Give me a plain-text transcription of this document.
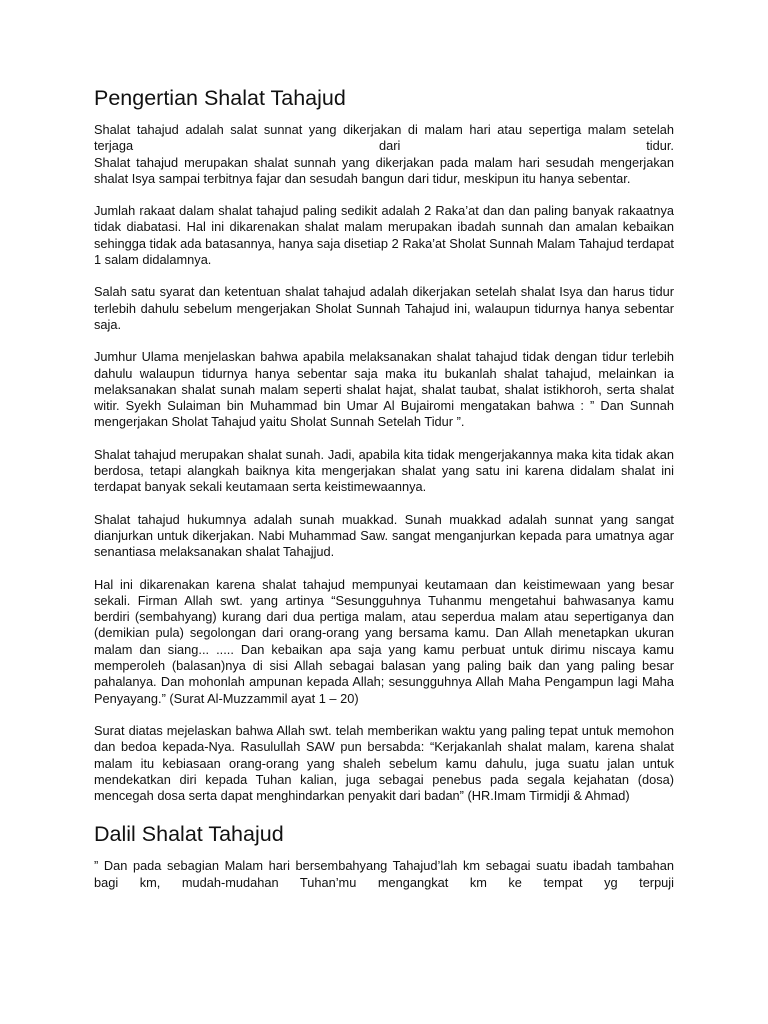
Pengertian Shalat Tahajud

Shalat tahajud adalah salat sunnat yang dikerjakan di malam hari atau sepertiga malam setelah terjaga dari tidur.

Shalat tahajud merupakan shalat sunnah yang dikerjakan pada malam hari sesudah mengerjakan shalat Isya sampai terbitnya fajar dan sesudah bangun dari tidur, meskipun itu hanya sebentar.

Jumlah rakaat dalam shalat tahajud paling sedikit adalah 2 Raka’at dan dan paling banyak rakaatnya tidak diabatasi. Hal ini dikarenakan shalat malam merupakan ibadah sunnah dan amalan kebaikan sehingga tidak ada batasannya, hanya saja disetiap 2 Raka’at Sholat Sunnah Malam Tahajud terdapat 1 salam didalamnya.

Salah satu syarat dan ketentuan shalat tahajud adalah dikerjakan setelah shalat Isya dan harus tidur terlebih dahulu sebelum mengerjakan Sholat Sunnah Tahajud ini, walaupun tidurnya hanya sebentar saja.

Jumhur Ulama menjelaskan bahwa apabila melaksanakan shalat tahajud tidak dengan tidur terlebih dahulu walaupun tidurnya hanya sebentar saja maka itu bukanlah shalat tahajud, melainkan ia melaksanakan shalat sunah malam seperti shalat hajat, shalat taubat, shalat istikhoroh, serta shalat witir. Syekh Sulaiman bin Muhammad bin Umar Al Bujairomi mengatakan bahwa : ” Dan Sunnah mengerjakan Sholat Tahajud yaitu Sholat Sunnah Setelah Tidur ”.

Shalat tahajud merupakan shalat sunah. Jadi, apabila kita tidak mengerjakannya maka kita tidak akan berdosa, tetapi alangkah baiknya kita mengerjakan shalat yang satu ini karena didalam shalat ini terdapat banyak sekali keutamaan serta keistimewaannya.

Shalat tahajud hukumnya adalah sunah muakkad. Sunah muakkad adalah sunnat yang sangat dianjurkan untuk dikerjakan. Nabi Muhammad Saw. sangat menganjurkan kepada para umatnya agar senantiasa melaksanakan shalat Tahajjud.

Hal ini dikarenakan karena shalat tahajud mempunyai keutamaan dan keistimewaan yang besar sekali. Firman Allah swt. yang artinya “Sesungguhnya Tuhanmu mengetahui bahwasanya kamu berdiri (sembahyang) kurang dari dua pertiga malam, atau seperdua malam atau sepertiganya dan (demikian pula) segolongan dari orang-orang yang bersama kamu. Dan Allah menetapkan ukuran malam dan siang... ..... Dan kebaikan apa saja yang kamu perbuat untuk dirimu niscaya kamu memperoleh (balasan)nya di sisi Allah sebagai balasan yang paling baik dan yang paling besar pahalanya. Dan mohonlah ampunan kepada Allah; sesungguhnya Allah Maha Pengampun lagi Maha Penyayang.” (Surat Al-Muzzammil ayat 1 – 20)

Surat diatas mejelaskan bahwa Allah swt. telah memberikan waktu yang paling tepat untuk memohon dan bedoa kepada-Nya. Rasulullah SAW pun bersabda: “Kerjakanlah shalat malam, karena shalat malam itu kebiasaan orang-orang yang shaleh sebelum kamu dahulu, juga suatu jalan untuk mendekatkan diri kepada Tuhan kalian, juga sebagai penebus pada segala kejahatan (dosa) mencegah dosa serta dapat menghindarkan penyakit dari badan” (HR.Imam Tirmidji & Ahmad)

Dalil Shalat Tahajud

” Dan pada sebagian Malam hari bersembahyang Tahajud’lah km sebagai suatu ibadah tambahan bagi km, mudah-mudahan Tuhan’mu mengangkat km ke tempat yg terpuji
